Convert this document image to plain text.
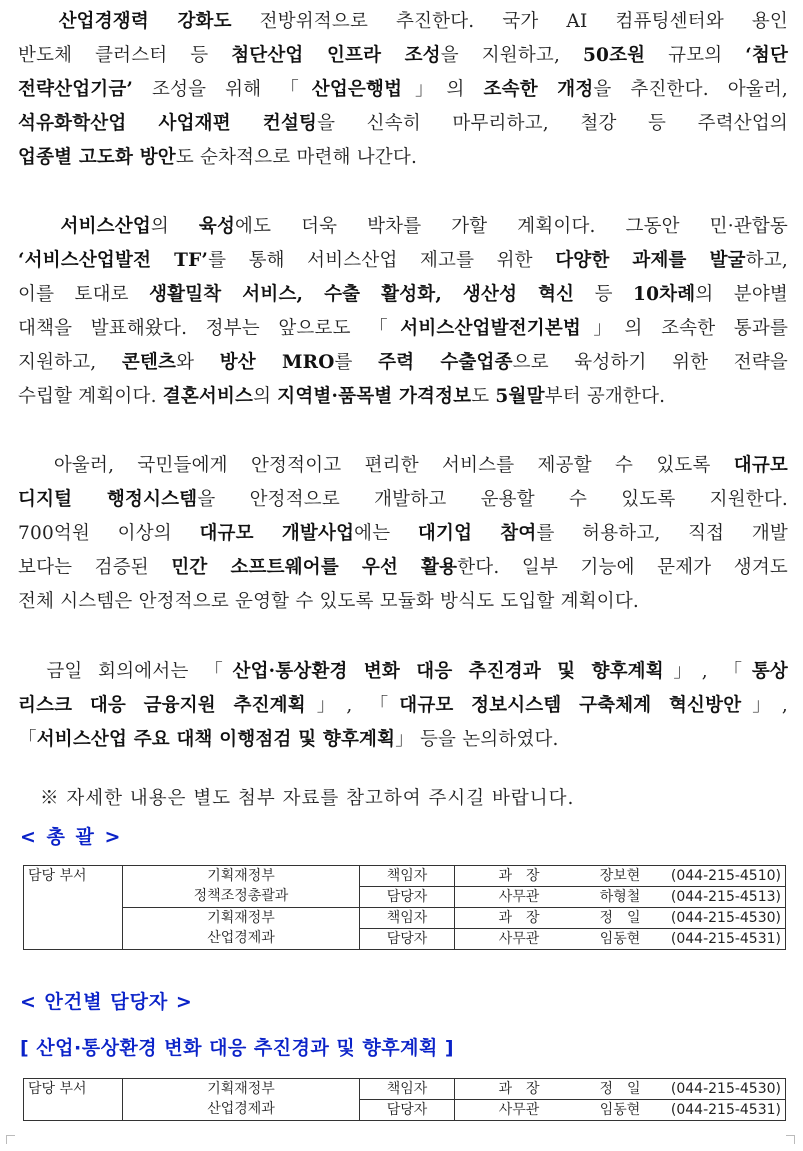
　산업경쟁력 강화도 전방위적으로 추진한다. 국가 AI 컴퓨팅센터와 용인
반도체 클러스터 등 첨단산업 인프라 조성을 지원하고, 50조원 규모의 ‘첨단
전략산업기금’ 조성을 위해 「산업은행법」의 조속한 개정을 추진한다. 아울러,
석유화학산업 사업재편 컨설팅을 신속히 마무리하고, 철강 등 주력산업의
업종별 고도화 방안도 순차적으로 마련해 나간다.
　서비스산업의 육성에도 더욱 박차를 가할 계획이다. 그동안 민·관합동
‘서비스산업발전 TF’를 통해 서비스산업 제고를 위한 다양한 과제를 발굴하고,
이를 토대로 생활밀착 서비스, 수출 활성화, 생산성 혁신 등 10차례의 분야별
대책을 발표해왔다. 정부는 앞으로도 「서비스산업발전기본법」의 조속한 통과를
지원하고, 콘텐츠와 방산 MRO를 주력 수출업종으로 육성하기 위한 전략을
수립할 계획이다. 결혼서비스의 지역별·품목별 가격정보도 5월말부터 공개한다.
　아울러, 국민들에게 안정적이고 편리한 서비스를 제공할 수 있도록 대규모
디지털 행정시스템을 안정적으로 개발하고 운용할 수 있도록 지원한다.
700억원 이상의 대규모 개발사업에는 대기업 참여를 허용하고, 직접 개발
보다는 검증된 민간 소프트웨어를 우선 활용한다. 일부 기능에 문제가 생겨도
전체 시스템은 안정적으로 운영할 수 있도록 모듈화 방식도 도입할 계획이다.
　금일 회의에서는 「산업·통상환경 변화 대응 추진경과 및 향후계획」, 「통상
리스크 대응 금융지원 추진계획」, 「대규모 정보시스템 구축체계 혁신방안」,
「서비스산업 주요 대책 이행점검 및 향후계획」 등을 논의하였다.
※ 자세한 내용은 별도 첨부 자료를 참고하여 주시길 바랍니다.
< 총 괄 >
담당 부서	기획재정부
정책조정총괄과	책임자	과　장 장보현 (044-215-4510)
		담당자	사무관 하형철 (044-215-4513)

	기획재정부
산업경제과	책임자	과　장 정　일 (044-215-4530)
		담당자	사무관 임동현 (044-215-4531)
< 안건별 담당자 >
[ 산업·통상환경 변화 대응 추진경과 및 향후계획 ]
담당 부서	기획재정부
산업경제과	책임자	과　장 정　일 (044-215-4530)
		담당자	사무관 임동현 (044-215-4531)
